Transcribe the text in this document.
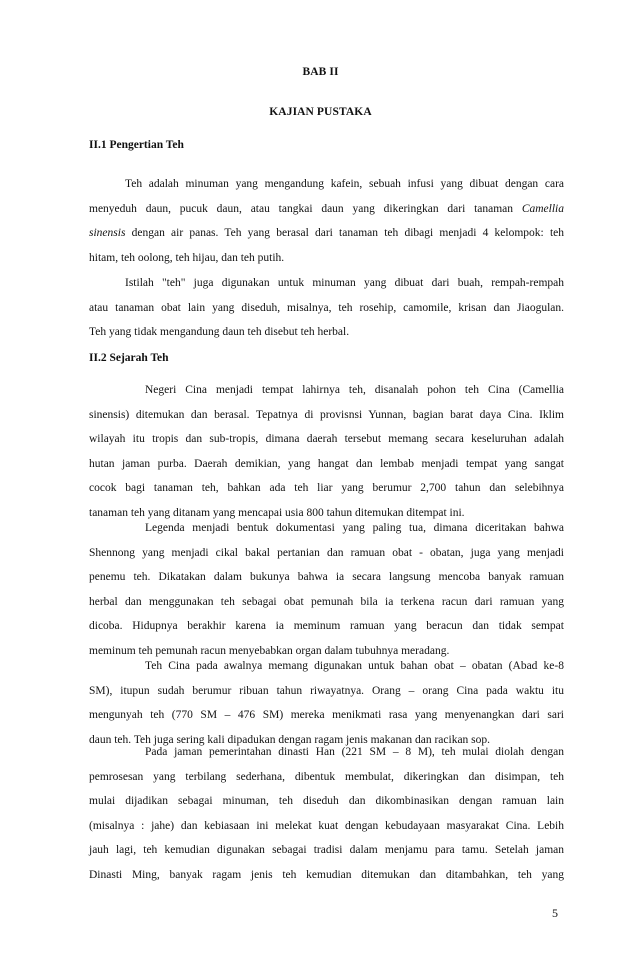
BAB II
KAJIAN PUSTAKA
II.1 Pengertian Teh
Teh adalah minuman yang mengandung kafein, sebuah infusi yang dibuat dengan cara
menyeduh daun, pucuk daun, atau tangkai daun yang dikeringkan dari tanaman Camellia
sinensis dengan air panas. Teh yang berasal dari tanaman teh dibagi menjadi 4 kelompok: teh
hitam, teh oolong, teh hijau, dan teh putih.
Istilah "teh" juga digunakan untuk minuman yang dibuat dari buah, rempah-rempah
atau tanaman obat lain yang diseduh, misalnya, teh rosehip, camomile, krisan dan Jiaogulan.
Teh yang tidak mengandung daun teh disebut teh herbal.
II.2 Sejarah Teh
Negeri Cina menjadi tempat lahirnya teh, disanalah pohon teh Cina (Camellia
sinensis) ditemukan dan berasal. Tepatnya di provisnsi Yunnan, bagian barat daya Cina. Iklim
wilayah itu tropis dan sub-tropis, dimana daerah tersebut memang secara keseluruhan adalah
hutan jaman purba. Daerah demikian, yang hangat dan lembab menjadi tempat yang sangat
cocok bagi tanaman teh, bahkan ada teh liar yang berumur 2,700 tahun dan selebihnya
tanaman teh yang ditanam yang mencapai usia 800 tahun ditemukan ditempat ini.
Legenda menjadi bentuk dokumentasi yang paling tua, dimana diceritakan bahwa
Shennong yang menjadi cikal bakal pertanian dan ramuan obat - obatan, juga yang menjadi
penemu teh. Dikatakan dalam bukunya bahwa ia secara langsung mencoba banyak ramuan
herbal dan menggunakan teh sebagai obat pemunah bila ia terkena racun dari ramuan yang
dicoba. Hidupnya berakhir karena ia meminum ramuan yang beracun dan tidak sempat
meminum teh pemunah racun menyebabkan organ dalam tubuhnya meradang.
Teh Cina pada awalnya memang digunakan untuk bahan obat – obatan (Abad ke-8
SM), itupun sudah berumur ribuan tahun riwayatnya. Orang – orang Cina pada waktu itu
mengunyah teh (770 SM – 476 SM) mereka menikmati rasa yang menyenangkan dari sari
daun teh. Teh juga sering kali dipadukan dengan ragam jenis makanan dan racikan sop.
Pada jaman pemerintahan dinasti Han (221 SM – 8 M), teh mulai diolah dengan
pemrosesan yang terbilang sederhana, dibentuk membulat, dikeringkan dan disimpan, teh
mulai dijadikan sebagai minuman, teh diseduh dan dikombinasikan dengan ramuan lain
(misalnya : jahe) dan kebiasaan ini melekat kuat dengan kebudayaan masyarakat Cina. Lebih
jauh lagi, teh kemudian digunakan sebagai tradisi dalam menjamu para tamu. Setelah jaman
Dinasti Ming, banyak ragam jenis teh kemudian ditemukan dan ditambahkan, teh yang
5
